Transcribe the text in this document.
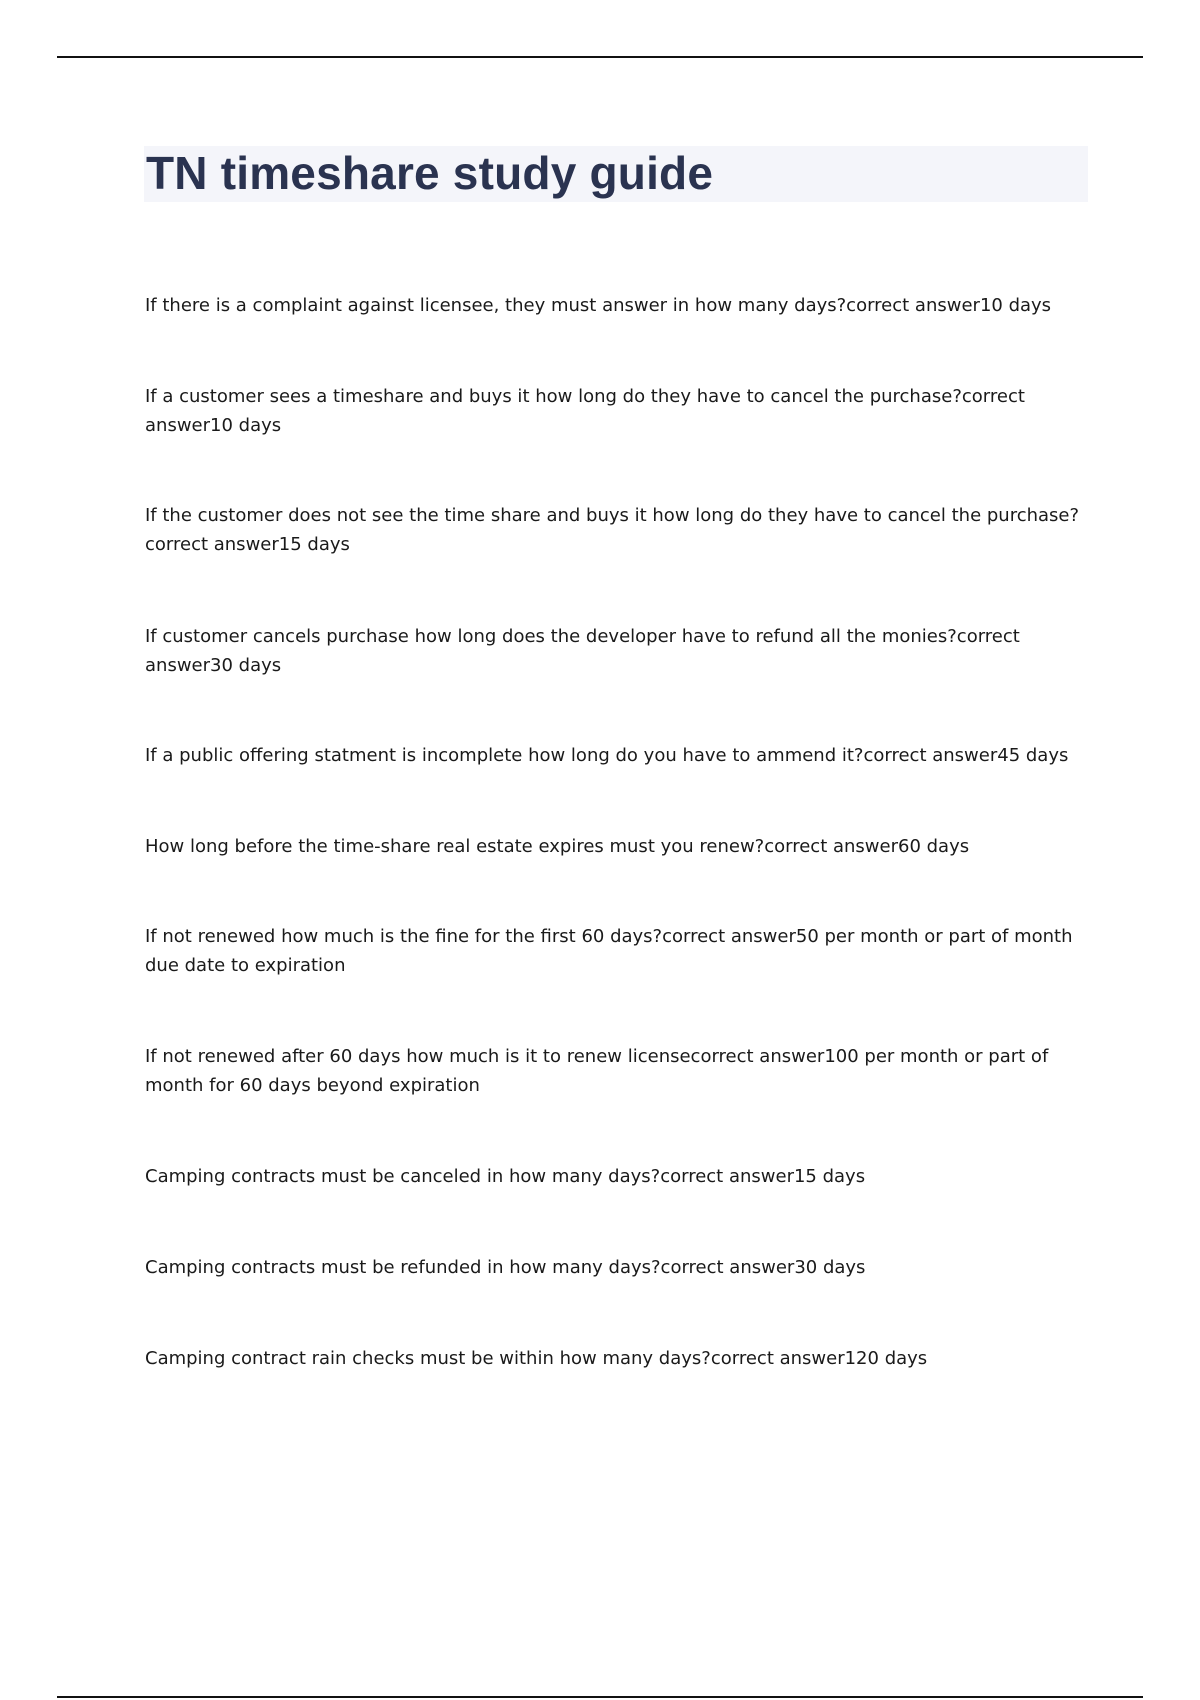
TN timeshare study guide
If there is a complaint against licensee, they must answer in how many days?correct answer10 days
If a customer sees a timeshare and buys it how long do they have to cancel the purchase?correct answer10 days
If the customer does not see the time share and buys it how long do they have to cancel the purchase?correct answer15 days
If customer cancels purchase how long does the developer have to refund all the monies?correct answer30 days
If a public offering statment is incomplete how long do you have to ammend it?correct answer45 days
How long before the time-share real estate expires must you renew?correct answer60 days
If not renewed how much is the fine for the first 60 days?correct answer50 per month or part of month due date to expiration
If not renewed after 60 days how much is it to renew licensecorrect answer100 per month or part of month for 60 days beyond expiration
Camping contracts must be canceled in how many days?correct answer15 days
Camping contracts must be refunded in how many days?correct answer30 days
Camping contract rain checks must be within how many days?correct answer120 days
